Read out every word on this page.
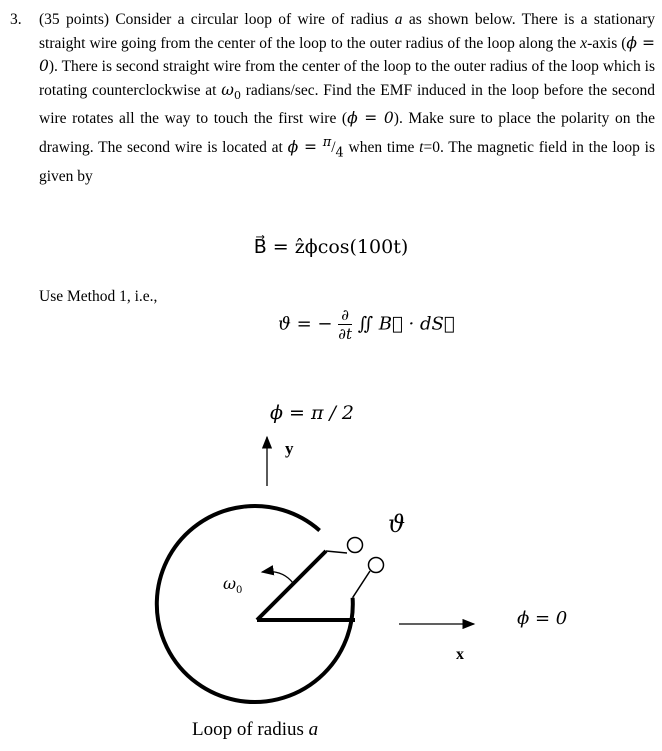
3. (35 points) Consider a circular loop of wire of radius a as shown below. There is a stationary straight wire going from the center of the loop to the outer radius of the loop along the x-axis (ϕ = 0). There is second straight wire from the center of the loop to the outer radius of the loop which is rotating counterclockwise at $\omega_0$ radians/sec. Find the EMF induced in the loop before the second wire rotates all the way to touch the first wire (ϕ = 0). Make sure to place the polarity on the drawing. The second wire is located at $\phi = ^\pi/_4$ when time t=0. The magnetic field in the loop is given by
B⃗ = ẑϕcos(100t)
Use Method 1, i.e.,
ϑ = − $\frac{\partial}{\partial t}$ ∬ B⃗ · dS⃗
ϕ = π / 2
y
ϑ
$\omega_0$
x
ϕ = 0
Loop of radius a
